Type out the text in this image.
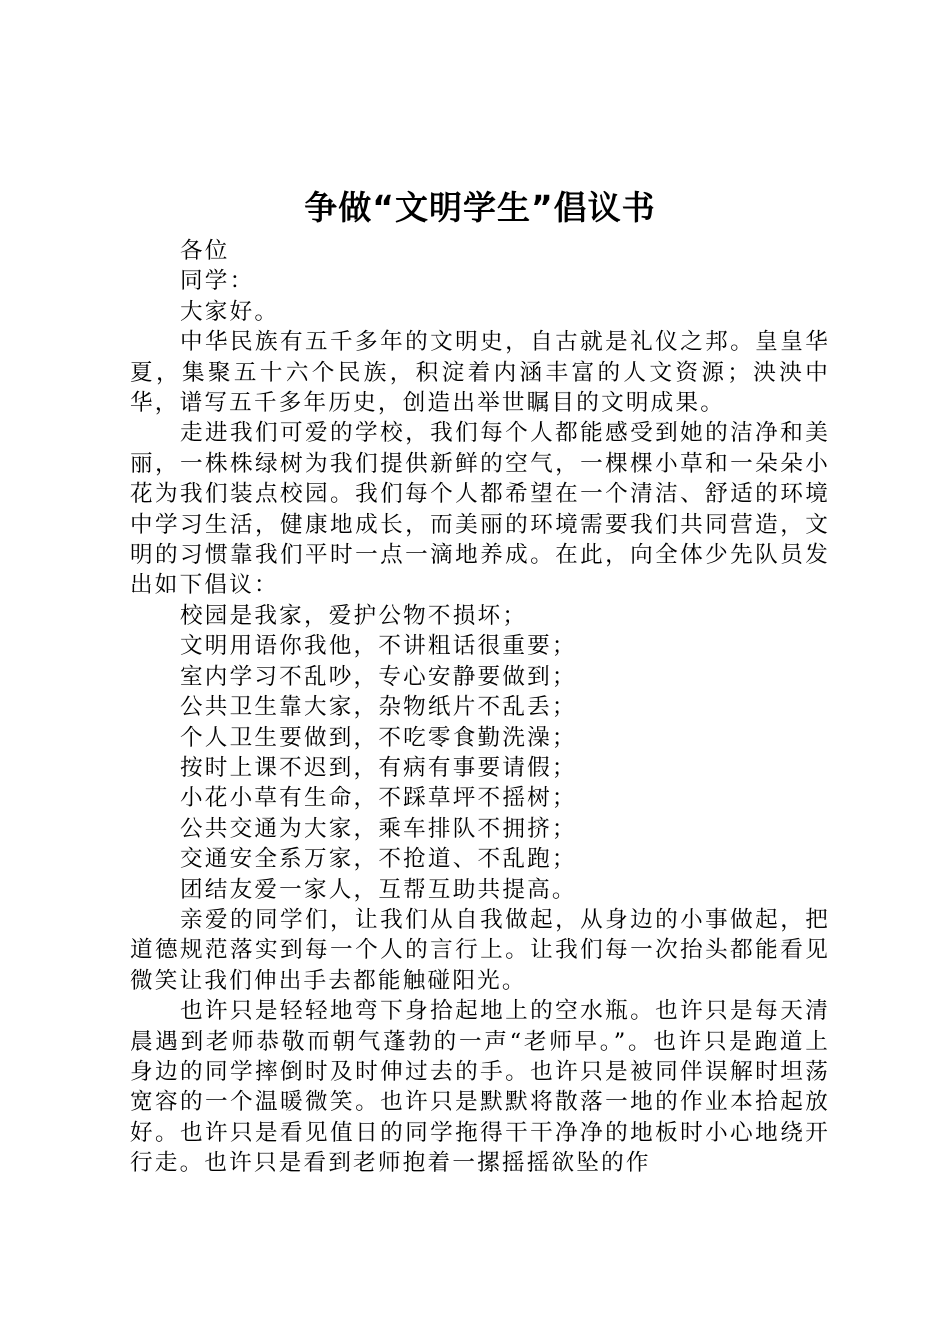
争做“文明学生”倡议书

各位

同学：

大家好。

中华民族有五千多年的文明史，自古就是礼仪之邦。皇皇华夏，集聚五十六个民族，积淀着内涵丰富的人文资源；泱泱中华，谱写五千多年历史，创造出举世瞩目的文明成果。

走进我们可爱的学校，我们每个人都能感受到她的洁净和美丽，一株株绿树为我们提供新鲜的空气，一棵棵小草和一朵朵小花为我们装点校园。我们每个人都希望在一个清洁、舒适的环境中学习生活，健康地成长，而美丽的环境需要我们共同营造，文明的习惯靠我们平时一点一滴地养成。在此，向全体少先队员发出如下倡议：

校园是我家，爱护公物不损坏；

文明用语你我他，不讲粗话很重要；

室内学习不乱吵，专心安静要做到；

公共卫生靠大家，杂物纸片不乱丢；

个人卫生要做到，不吃零食勤洗澡；

按时上课不迟到，有病有事要请假；

小花小草有生命，不踩草坪不摇树；

公共交通为大家，乘车排队不拥挤；

交通安全系万家，不抢道、不乱跑；

团结友爱一家人，互帮互助共提高。

亲爱的同学们，让我们从自我做起，从身边的小事做起，把道德规范落实到每一个人的言行上。让我们每一次抬头都能看见微笑让我们伸出手去都能触碰阳光。

也许只是轻轻地弯下身拾起地上的空水瓶。也许只是每天清晨遇到老师恭敬而朝气蓬勃的一声“老师早。”。也许只是跑道上身边的同学摔倒时及时伸过去的手。也许只是被同伴误解时坦荡宽容的一个温暖微笑。也许只是默默将散落一地的作业本拾起放好。也许只是看见值日的同学拖得干干净净的地板时小心地绕开行走。也许只是看到老师抱着一摞摇摇欲坠的作
